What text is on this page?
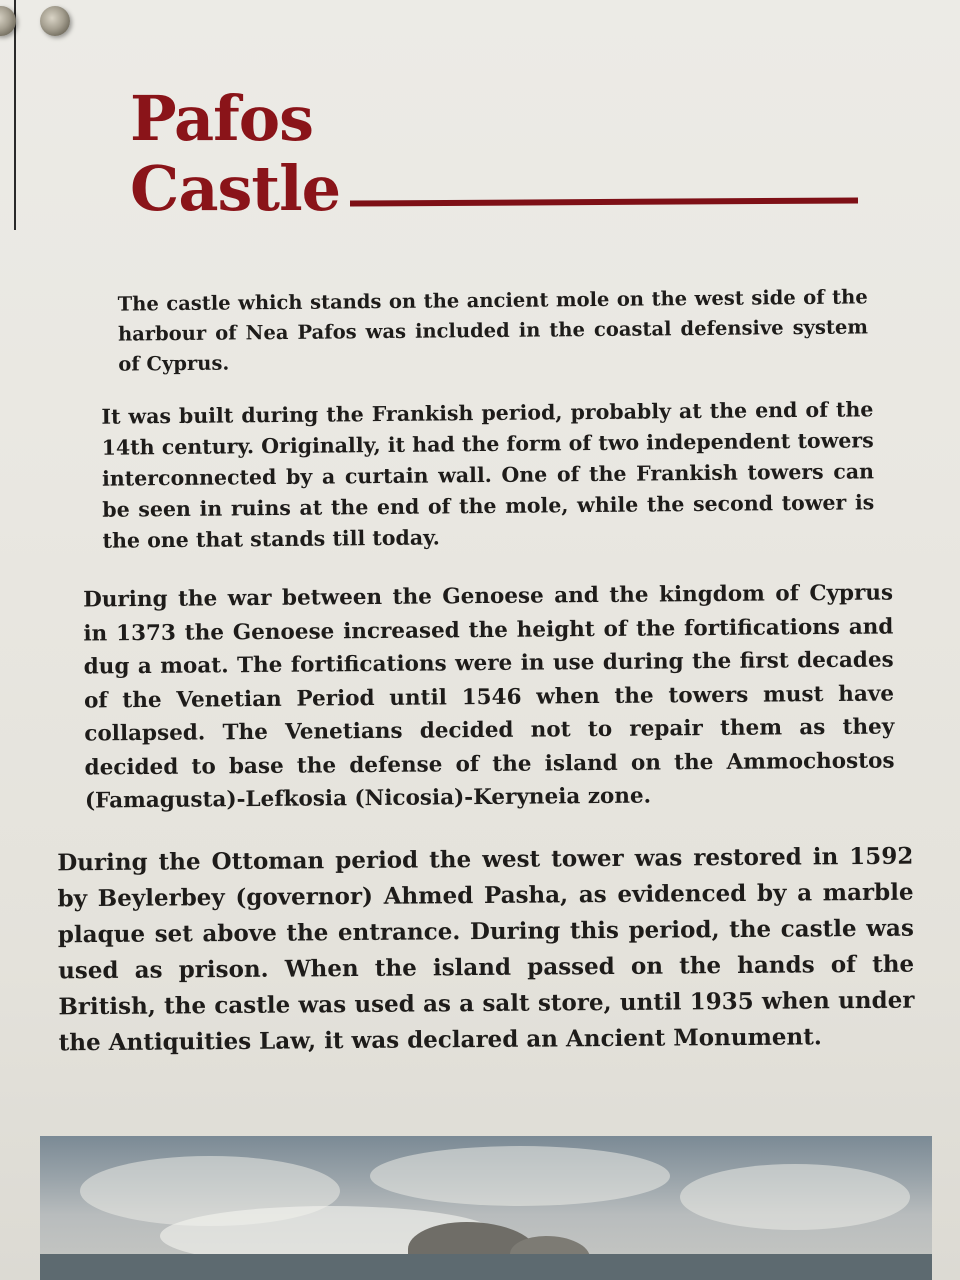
Pafos
Castle

The castle which stands on the ancient mole on the west side of the harbour of Nea Pafos was included in the coastal defensive system of Cyprus.

It was built during the Frankish period, probably at the end of the 14th century. Originally, it had the form of two independent towers interconnected by a curtain wall. One of the Frankish towers can be seen in ruins at the end of the mole, while the second tower is the one that stands till today.

During the war between the Genoese and the kingdom of Cyprus in 1373 the Genoese increased the height of the fortifications and dug a moat. The fortifications were in use during the first decades of the Venetian Period until 1546 when the towers must have collapsed. The Venetians decided not to repair them as they decided to base the defense of the island on the Ammochostos (Famagusta)-Lefkosia (Nicosia)-Keryneia zone.

During the Ottoman period the west tower was restored in 1592 by Beylerbey (governor) Ahmed Pasha, as evidenced by a marble plaque set above the entrance. During this period, the castle was used as prison. When the island passed on the hands of the British, the castle was used as a salt store, until 1935 when under the Antiquities Law, it was declared an Ancient Monument.
